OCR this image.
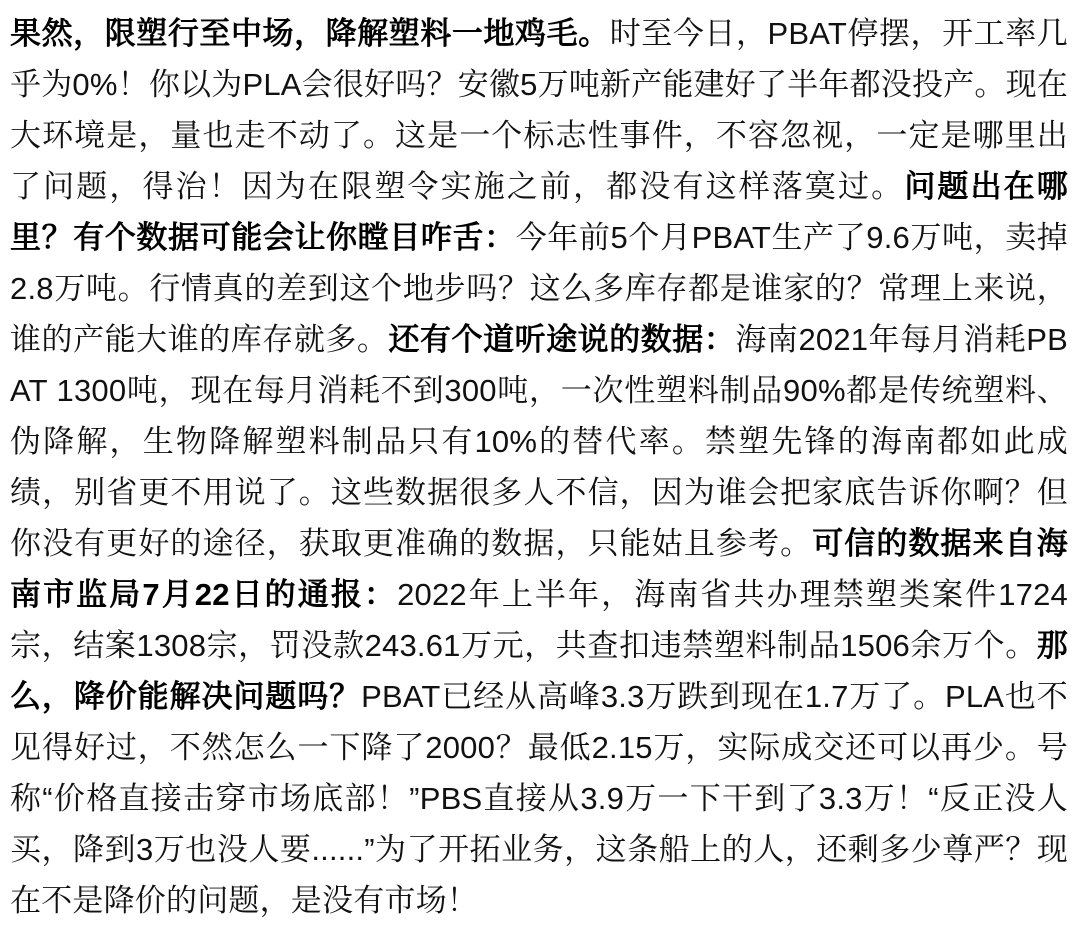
果然，限塑行至中场，降解塑料一地鸡毛。时至今日，PBAT停摆，开工率几乎为0%！你以为PLA会很好吗？安徽5万吨新产能建好了半年都没投产。现在大环境是，量也走不动了。这是一个标志性事件，不容忽视，一定是哪里出了问题，得治！因为在限塑令实施之前，都没有这样落寞过。问题出在哪里？有个数据可能会让你瞠目咋舌：今年前5个月PBAT生产了9.6万吨，卖掉2.8万吨。行情真的差到这个地步吗？这么多库存都是谁家的？常理上来说，谁的产能大谁的库存就多。还有个道听途说的数据：海南2021年每月消耗PBAT 1300吨，现在每月消耗不到300吨，一次性塑料制品90%都是传统塑料、伪降解，生物降解塑料制品只有10%的替代率。禁塑先锋的海南都如此成绩，别省更不用说了。这些数据很多人不信，因为谁会把家底告诉你啊？但你没有更好的途径，获取更准确的数据，只能姑且参考。可信的数据来自海南市监局7月22日的通报：2022年上半年，海南省共办理禁塑类案件1724宗，结案1308宗，罚没款243.61万元，共查扣违禁塑料制品1506余万个。那么，降价能解决问题吗？PBAT已经从高峰3.3万跌到现在1.7万了。PLA也不见得好过，不然怎么一下降了2000？最低2.15万，实际成交还可以再少。号称“价格直接击穿市场底部！”PBS直接从3.9万一下干到了3.3万！“反正没人买，降到3万也没人要......”为了开拓业务，这条船上的人，还剩多少尊严？现在不是降价的问题，是没有市场！
